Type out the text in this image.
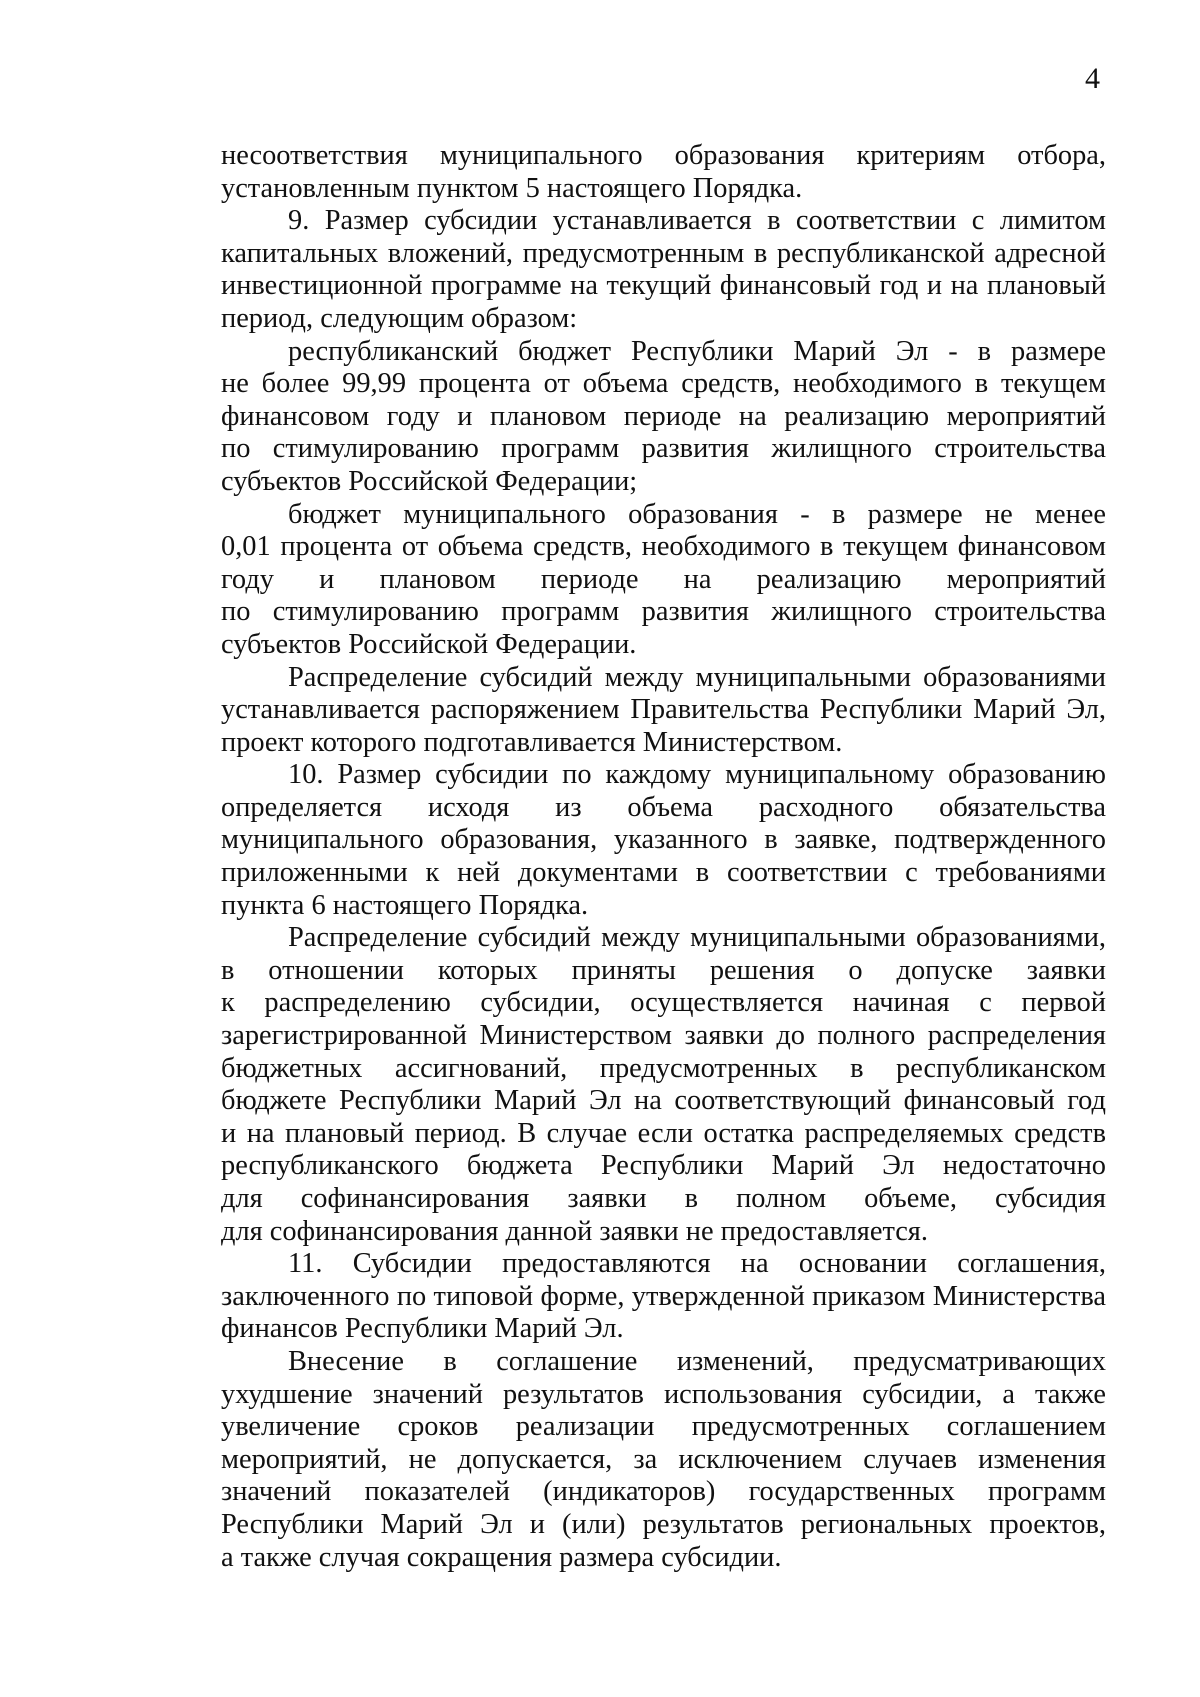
4
несоответствия муниципального образования критериям отбора,
установленным пунктом 5 настоящего Порядка.
9. Размер субсидии устанавливается в соответствии с лимитом
капитальных вложений, предусмотренным в республиканской адресной
инвестиционной программе на текущий финансовый год и на плановый
период, следующим образом:
республиканский бюджет Республики Марий Эл - в размере
не более 99,99 процента от объема средств, необходимого в текущем
финансовом году и плановом периоде на реализацию мероприятий
по стимулированию программ развития жилищного строительства
субъектов Российской Федерации;
бюджет муниципального образования - в размере не менее
0,01 процента от объема средств, необходимого в текущем финансовом
году и плановом периоде на реализацию мероприятий
по стимулированию программ развития жилищного строительства
субъектов Российской Федерации.
Распределение субсидий между муниципальными образованиями
устанавливается распоряжением Правительства Республики Марий Эл,
проект которого подготавливается Министерством.
10. Размер субсидии по каждому муниципальному образованию
определяется исходя из объема расходного обязательства
муниципального образования, указанного в заявке, подтвержденного
приложенными к ней документами в соответствии с требованиями
пункта 6 настоящего Порядка.
Распределение субсидий между муниципальными образованиями,
в отношении которых приняты решения о допуске заявки
к распределению субсидии, осуществляется начиная с первой
зарегистрированной Министерством заявки до полного распределения
бюджетных ассигнований, предусмотренных в республиканском
бюджете Республики Марий Эл на соответствующий финансовый год
и на плановый период. В случае если остатка распределяемых средств
республиканского бюджета Республики Марий Эл недостаточно
для софинансирования заявки в полном объеме, субсидия
для софинансирования данной заявки не предоставляется.
11. Субсидии предоставляются на основании соглашения,
заключенного по типовой форме, утвержденной приказом Министерства
финансов Республики Марий Эл.
Внесение в соглашение изменений, предусматривающих
ухудшение значений результатов использования субсидии, а также
увеличение сроков реализации предусмотренных соглашением
мероприятий, не допускается, за исключением случаев изменения
значений показателей (индикаторов) государственных программ
Республики Марий Эл и (или) результатов региональных проектов,
а также случая сокращения размера субсидии.
